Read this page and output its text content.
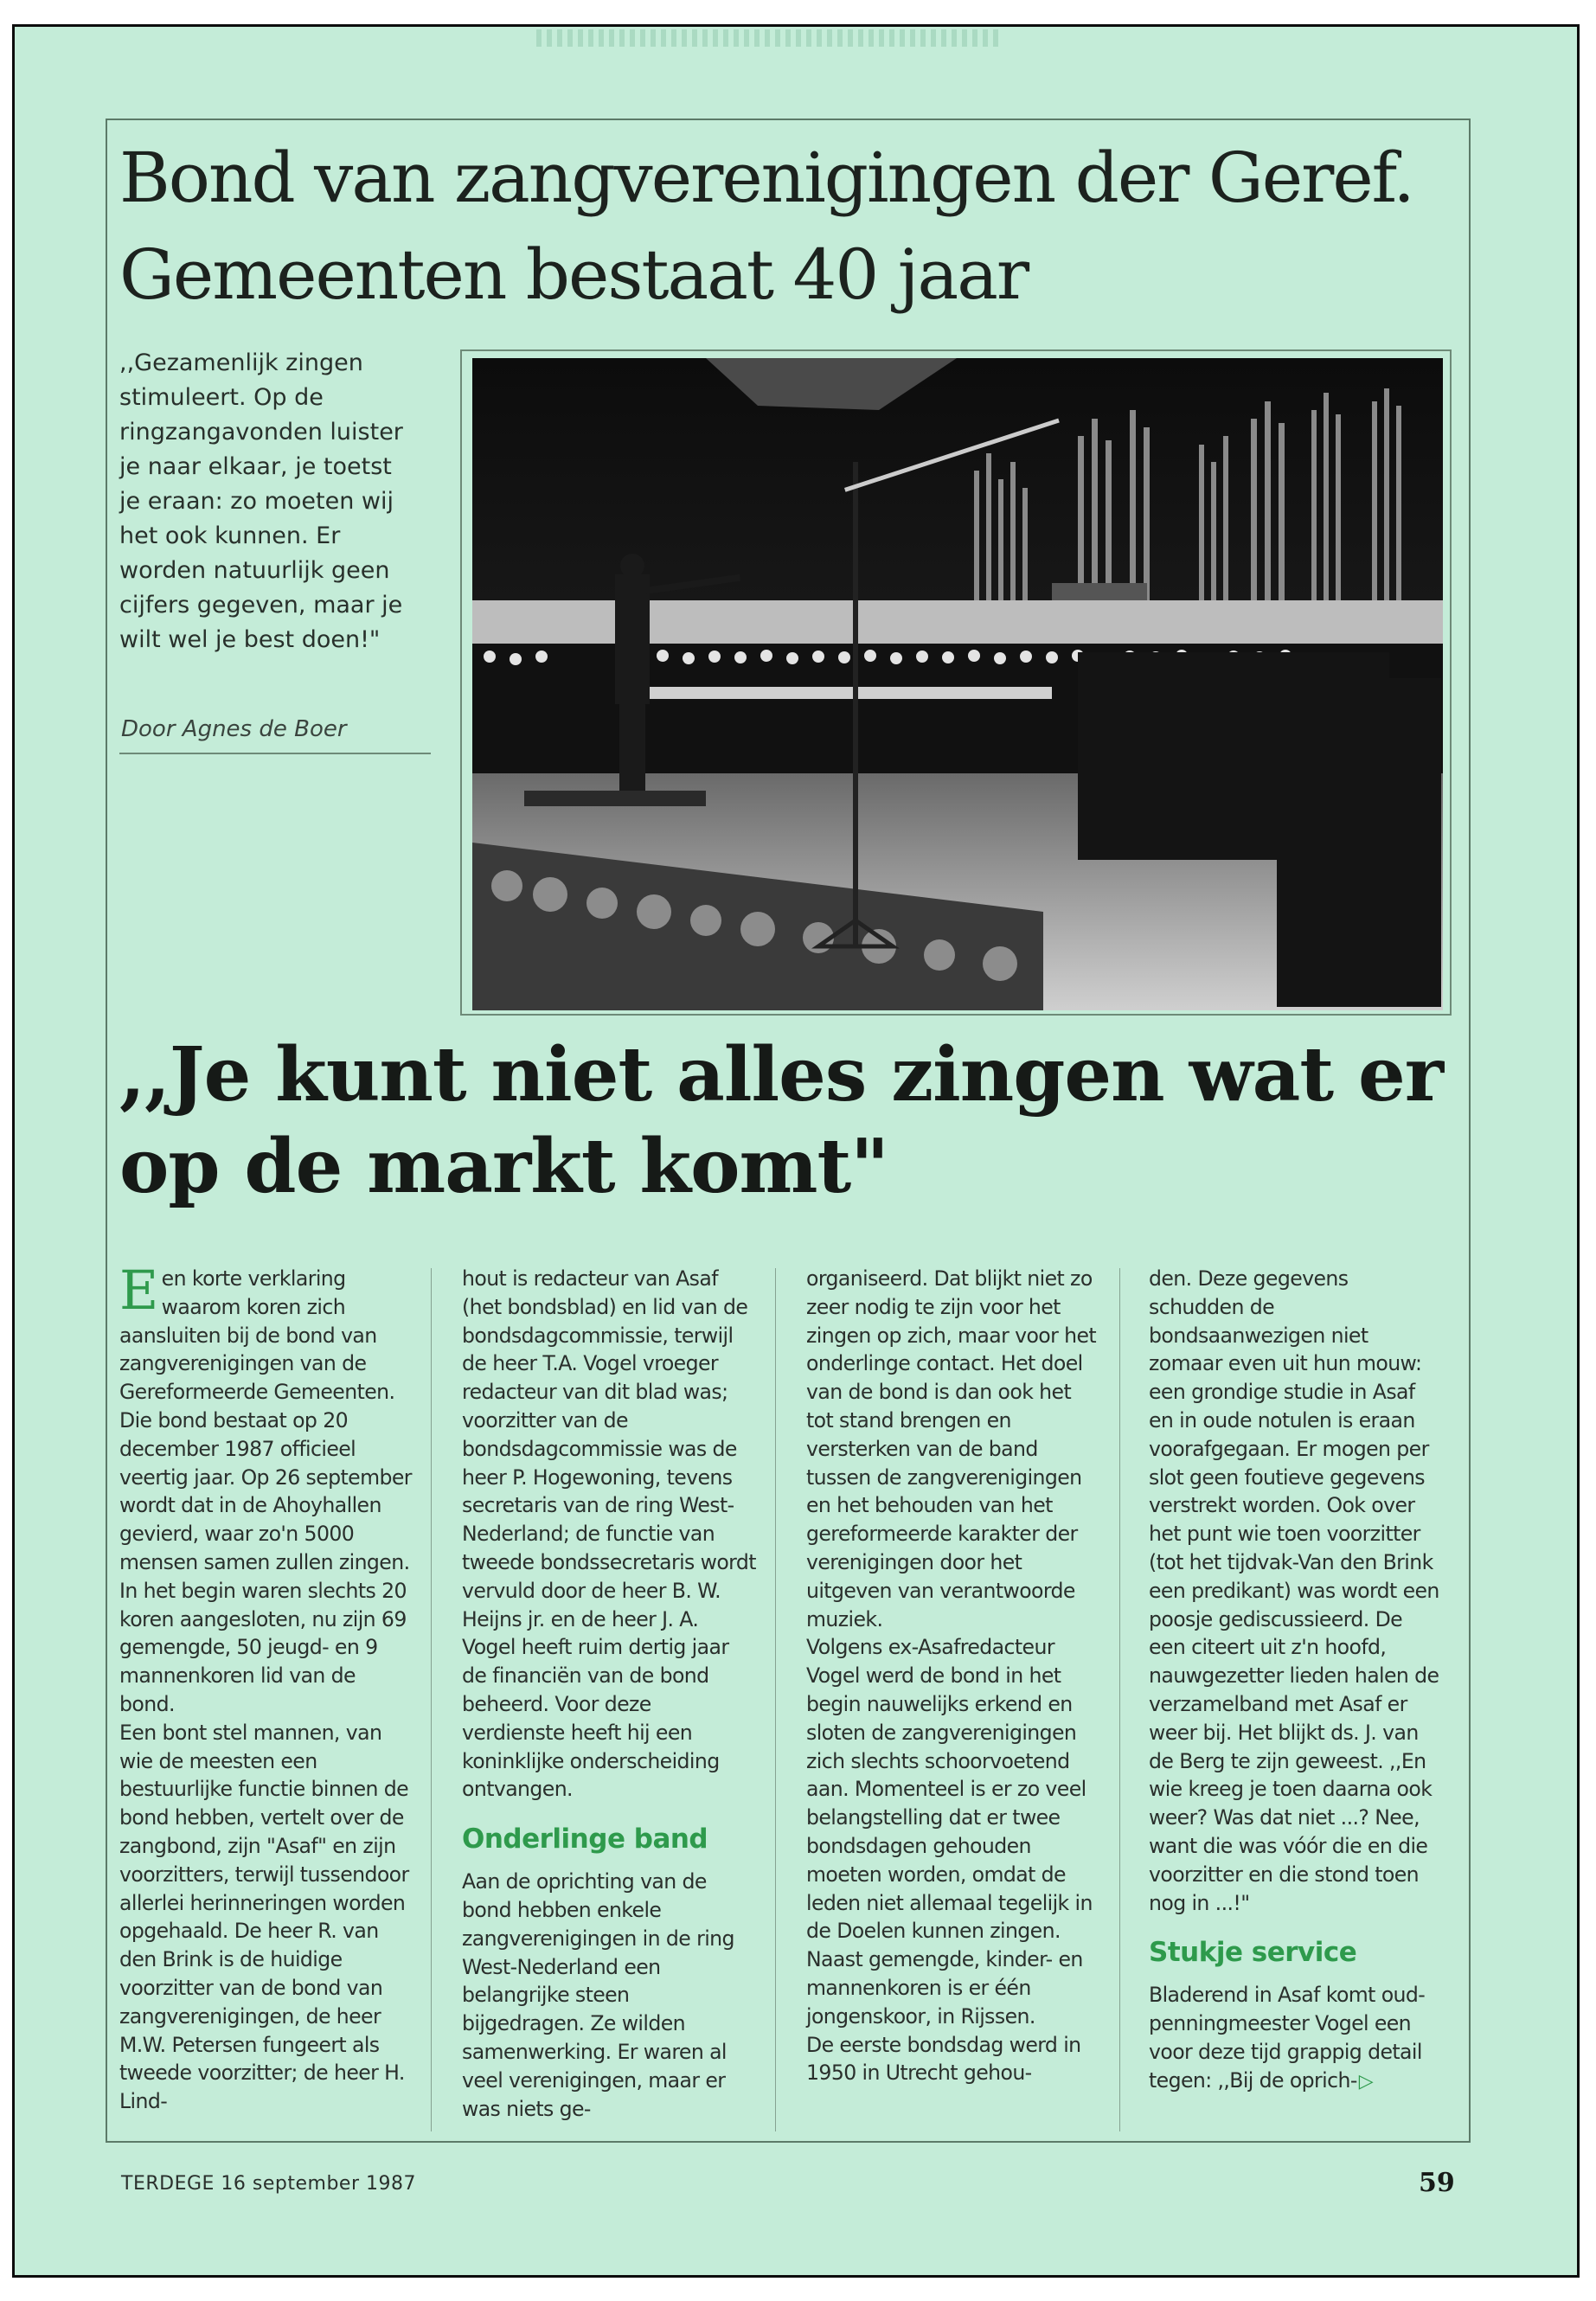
Bond van zangverenigingen der Geref. Gemeenten bestaat 40 jaar

,,Gezamenlijk zingen stimuleert. Op de ringzangavonden luister je naar elkaar, je toetst je eraan: zo moeten wij het ook kunnen. Er worden natuurlijk geen cijfers gegeven, maar je wilt wel je best doen!"

Door Agnes de Boer

,,Je kunt niet alles zingen wat er op de markt komt"

Een korte verklaring waarom koren zich aansluiten bij de bond van zangverenigingen van de Gereformeerde Gemeenten. Die bond bestaat op 20 december 1987 officieel veertig jaar. Op 26 september wordt dat in de Ahoyhallen gevierd, waar zo'n 5000 mensen samen zullen zingen. In het begin waren slechts 20 koren aangesloten, nu zijn 69 gemengde, 50 jeugd- en 9 mannenkoren lid van de bond.

Een bont stel mannen, van wie de meesten een bestuurlijke functie binnen de bond hebben, vertelt over de zangbond, zijn "Asaf" en zijn voorzitters, terwijl tussendoor allerlei herinneringen worden opgehaald. De heer R. van den Brink is de huidige voorzitter van de bond van zangverenigingen, de heer M.W. Petersen fungeert als tweede voorzitter; de heer H. Lind-

hout is redacteur van Asaf (het bondsblad) en lid van de bondsdagcommissie, terwijl de heer T.A. Vogel vroeger redacteur van dit blad was; voorzitter van de bondsdagcommissie was de heer P. Hogewoning, tevens secretaris van de ring West-Nederland; de functie van tweede bondssecretaris wordt vervuld door de heer B. W. Heijns jr. en de heer J. A. Vogel heeft ruim dertig jaar de financiën van de bond beheerd. Voor deze verdienste heeft hij een koninklijke onderscheiding ontvangen.

Onderlinge band

Aan de oprichting van de bond hebben enkele zangverenigingen in de ring West-Nederland een belangrijke steen bijgedragen. Ze wilden samenwerking. Er waren al veel verenigingen, maar er was niets ge-

organiseerd. Dat blijkt niet zo zeer nodig te zijn voor het zingen op zich, maar voor het onderlinge contact. Het doel van de bond is dan ook het tot stand brengen en versterken van de band tussen de zangverenigingen en het behouden van het gereformeerde karakter der verenigingen door het uitgeven van verantwoorde muziek.

Volgens ex-Asafredacteur Vogel werd de bond in het begin nauwelijks erkend en sloten de zangverenigingen zich slechts schoorvoetend aan. Momenteel is er zo veel belangstelling dat er twee bondsdagen gehouden moeten worden, omdat de leden niet allemaal tegelijk in de Doelen kunnen zingen. Naast gemengde, kinder- en mannenkoren is er één jongenskoor, in Rijssen.

De eerste bondsdag werd in 1950 in Utrecht gehou-

den. Deze gegevens schudden de bondsaanwezigen niet zomaar even uit hun mouw: een grondige studie in Asaf en in oude notulen is eraan voorafgegaan. Er mogen per slot geen foutieve gegevens verstrekt worden. Ook over het punt wie toen voorzitter (tot het tijdvak-Van den Brink een predikant) was wordt een poosje gediscussieerd. De een citeert uit z'n hoofd, nauwgezetter lieden halen de verzamelband met Asaf er weer bij. Het blijkt ds. J. van de Berg te zijn geweest. ,,En wie kreeg je toen daarna ook weer? Was dat niet ...? Nee, want die was vóór die en die voorzitter en die stond toen nog in ...!"

Stukje service

Bladerend in Asaf komt oud-penningmeester Vogel een voor deze tijd grappig detail tegen: ,,Bij de oprich-▷

TERDEGE 16 september 1987	59
